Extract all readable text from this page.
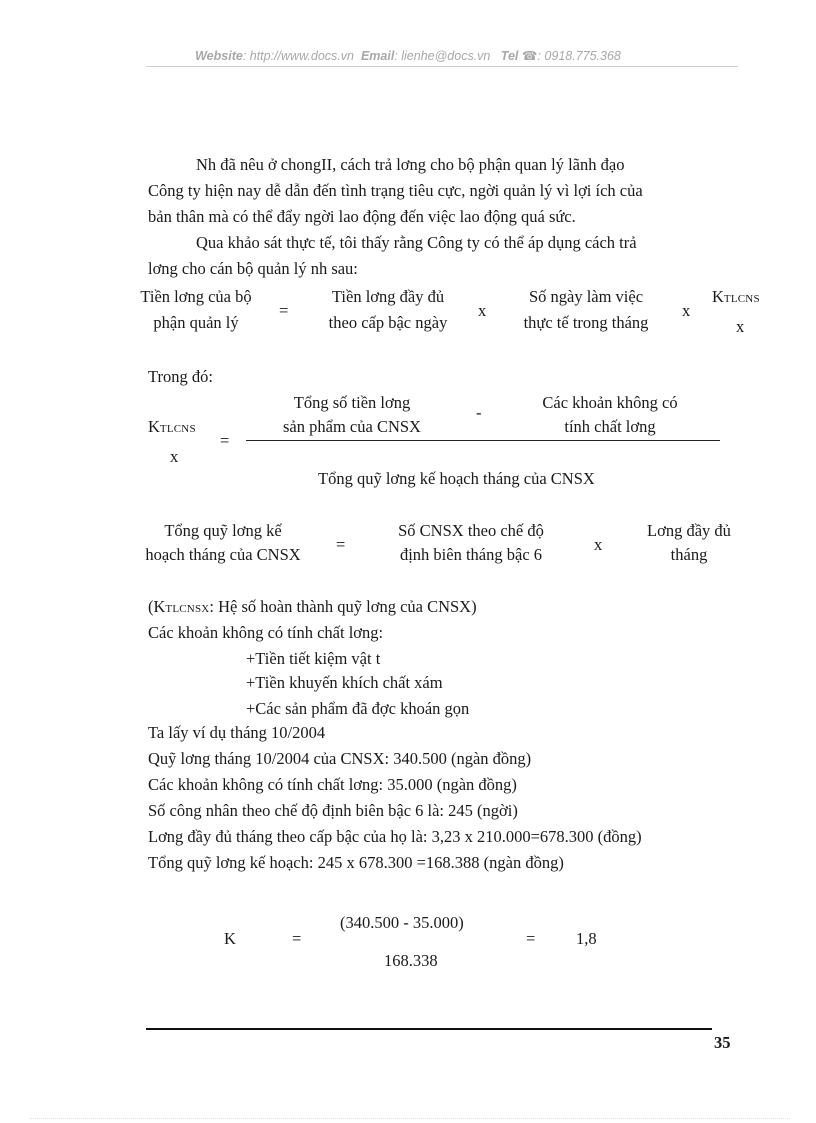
Website: http://www.docs.vn Email: lienhe@docs.vn Tel ☎: 0918.775.368
Nh đã nêu ở chongII, cách trả lơng cho bộ phận quan lý lãnh đạo
Công ty hiện nay dễ dẫn đến tình trạng tiêu cực, ngời quản lý vì lợi ích của
bản thân mà có thể đẩy ngời lao động đến việc lao động quá sức.
Qua khảo sát thực tế, tôi thấy rằng Công ty có thể áp dụng cách trả
lơng cho cán bộ quản lý nh sau:
Tiền lơng của bộ
phận quản lý
=
Tiền lơng đầy đủ
theo cấp bậc ngày
x
Số ngày làm việc
thực tế trong tháng
x
KTLCNS
x
Trong đó:
Tổng số tiền lơng
sản phẩm của CNSX
-
Các khoản không có
tính chất lơng
KTLCNS
x
=
Tổng quỹ lơng kế hoạch tháng của CNSX
Tổng quỹ lơng kế
hoạch tháng của CNSX
=
Số CNSX theo chế độ
định biên tháng bậc 6
x
Lơng đầy đủ
tháng
(KTLCNSX: Hệ số hoàn thành quỹ lơng của CNSX)
Các khoản không có tính chất lơng:
+Tiền tiết kiệm vật t
+Tiền khuyến khích chất xám
+Các sản phẩm đã đợc khoán gọn
Ta lấy ví dụ tháng 10/2004
Quỹ lơng tháng 10/2004 của CNSX: 340.500 (ngàn đồng)
Các khoản không có tính chất lơng: 35.000 (ngàn đồng)
Số công nhân theo chế độ định biên bậc 6 là: 245 (ngời)
Lơng đầy đủ tháng theo cấp bậc của họ là: 3,23 x 210.000=678.300 (đồng)
Tổng quỹ lơng kế hoạch: 245 x 678.300 =168.388 (ngàn đồng)
K	=
(340.500 - 35.000)
168.338
= 1,8
35
